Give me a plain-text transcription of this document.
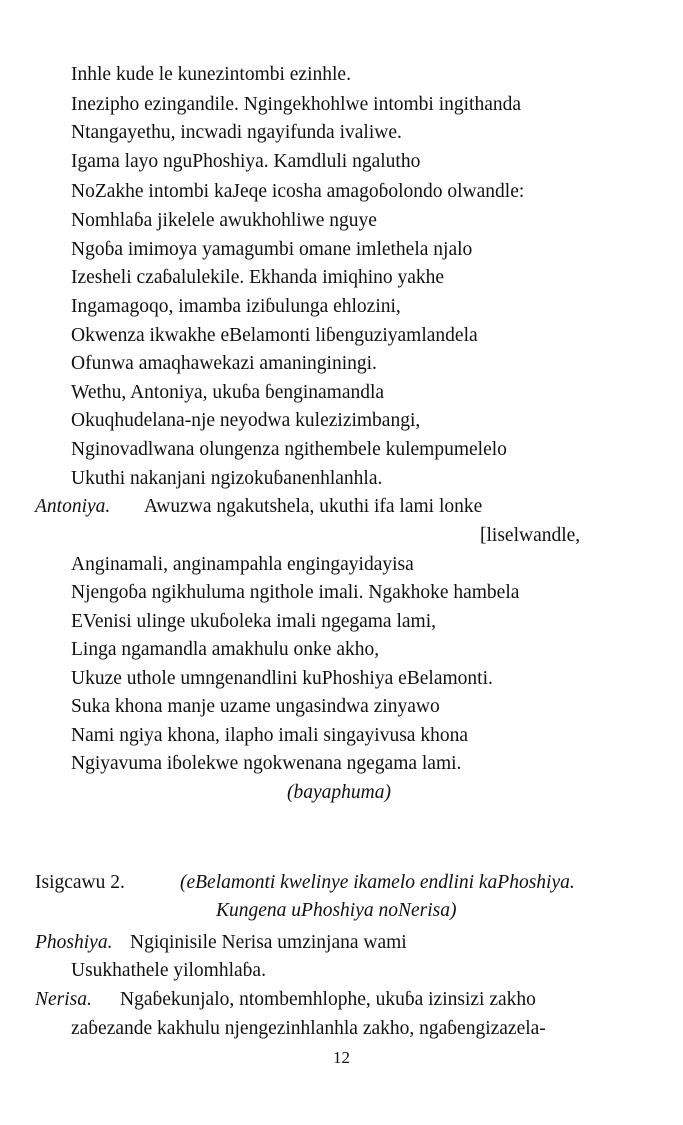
Inhle kude le kunezintombi ezinhle.
Inezipho ezingandile. Ngingekhohlwe intombi ingithanda
Ntangayethu, incwadi ngayifunda ivaliwe.
Igama layo nguPhoshiya. Kamdluli ngalutho
NoZakhe intombi kaJeqe icosha amagoɓolondo olwandle:
Nomhlaɓa jikelele awukhohliwe nguye
Ngoɓa imimoya yamagumbi omane imlethela njalo
Izesheli czaɓalulekile. Ekhanda imiqhino yakhe
Ingamagoqo, imamba iziɓulunga ehlozini,
Okwenza ikwakhe eBelamonti liɓenguziyamlandela
Ofunwa amaqhawekazi amaninginingi.
Wethu, Antoniya, ukuɓa ɓenginamandla
Okuqhudelana-nje neyodwa kulezizimbangi,
Nginovadlwana olungenza ngithembele kulempumelelo
Ukuthi nakanjani ngizokuɓanenhlanhla.
Antoniya. Awuzwa ngakutshela, ukuthi ifa lami lonke
[liselwandle,
Anginamali, anginampahla engingayidayisa
Njengoɓa ngikhuluma ngithole imali. Ngakhoke hambela
EVenisi ulinge ukuɓoleka imali ngegama lami,
Linga ngamandla amakhulu onke akho,
Ukuze uthole umngenandlini kuPhoshiya eBelamonti.
Suka khona manje uzame ungasindwa zinyawo
Nami ngiya khona, ilapho imali singayivusa khona
Ngiyavuma iɓolekwe ngokwenana ngegama lami.
(bayaphuma)
Isigcawu 2.	(eBelamonti kwelinye ikamelo endlini kaPhoshiya.
Kungena uPhoshiya noNerisa)
Phoshiya. Ngiqinisile Nerisa umzinjana wami
Usukhathele yilomhlaɓa.
Nerisa. Ngaɓekunjalo, ntombemhlophe, ukuɓa izinsizi zakho
zaɓezande kakhulu njengezinhlanhla zakho, ngaɓengizazela-
12
